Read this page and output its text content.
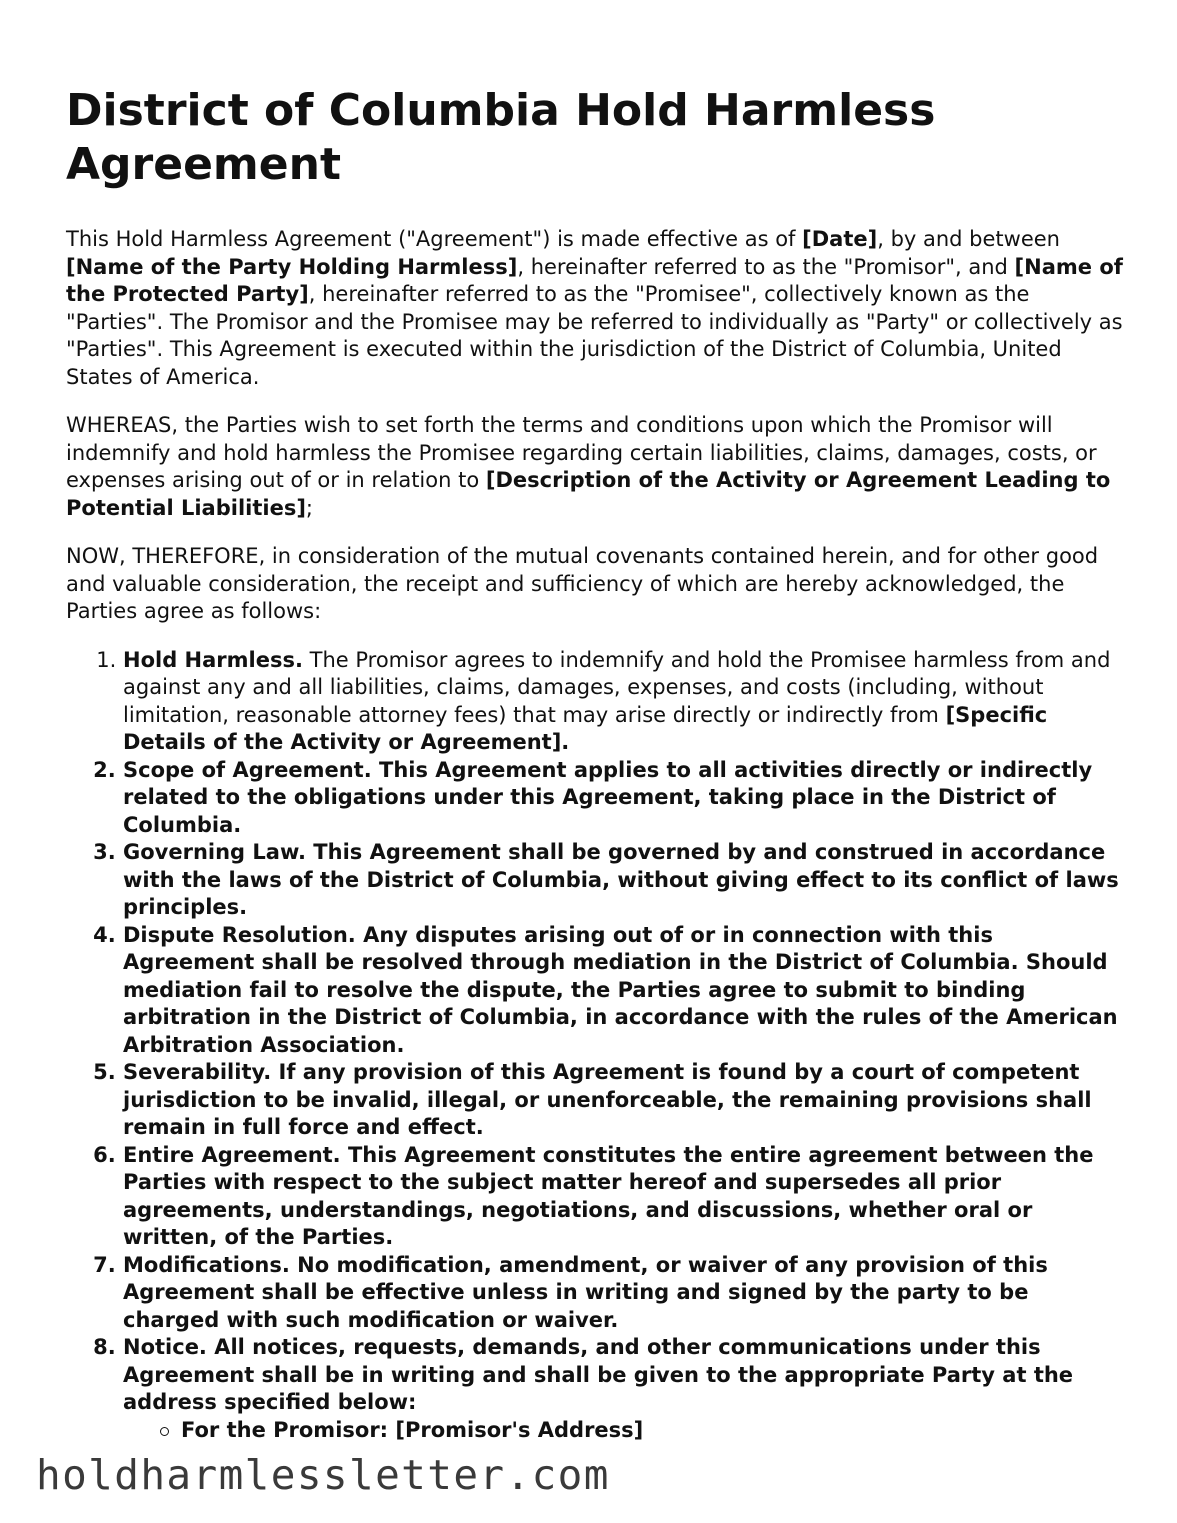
District of Columbia Hold Harmless Agreement

This Hold Harmless Agreement ("Agreement") is made effective as of [Date], by and between [Name of the Party Holding Harmless], hereinafter referred to as the "Promisor", and [Name of the Protected Party], hereinafter referred to as the "Promisee", collectively known as the "Parties". The Promisor and the Promisee may be referred to individually as "Party" or collectively as "Parties". This Agreement is executed within the jurisdiction of the District of Columbia, United States of America.

WHEREAS, the Parties wish to set forth the terms and conditions upon which the Promisor will indemnify and hold harmless the Promisee regarding certain liabilities, claims, damages, costs, or expenses arising out of or in relation to [Description of the Activity or Agreement Leading to Potential Liabilities];

NOW, THEREFORE, in consideration of the mutual covenants contained herein, and for other good and valuable consideration, the receipt and sufficiency of which are hereby acknowledged, the Parties agree as follows:

1. Hold Harmless. The Promisor agrees to indemnify and hold the Promisee harmless from and against any and all liabilities, claims, damages, expenses, and costs (including, without limitation, reasonable attorney fees) that may arise directly or indirectly from [Specific Details of the Activity or Agreement].
2. Scope of Agreement. This Agreement applies to all activities directly or indirectly related to the obligations under this Agreement, taking place in the District of Columbia.
3. Governing Law. This Agreement shall be governed by and construed in accordance with the laws of the District of Columbia, without giving effect to its conflict of laws principles.
4. Dispute Resolution. Any disputes arising out of or in connection with this Agreement shall be resolved through mediation in the District of Columbia. Should mediation fail to resolve the dispute, the Parties agree to submit to binding arbitration in the District of Columbia, in accordance with the rules of the American Arbitration Association.
5. Severability. If any provision of this Agreement is found by a court of competent jurisdiction to be invalid, illegal, or unenforceable, the remaining provisions shall remain in full force and effect.
6. Entire Agreement. This Agreement constitutes the entire agreement between the Parties with respect to the subject matter hereof and supersedes all prior agreements, understandings, negotiations, and discussions, whether oral or written, of the Parties.
7. Modifications. No modification, amendment, or waiver of any provision of this Agreement shall be effective unless in writing and signed by the party to be charged with such modification or waiver.
8. Notice. All notices, requests, demands, and other communications under this Agreement shall be in writing and shall be given to the appropriate Party at the address specified below:
For the Promisor: [Promisor's Address]
holdharmlessletter.com
